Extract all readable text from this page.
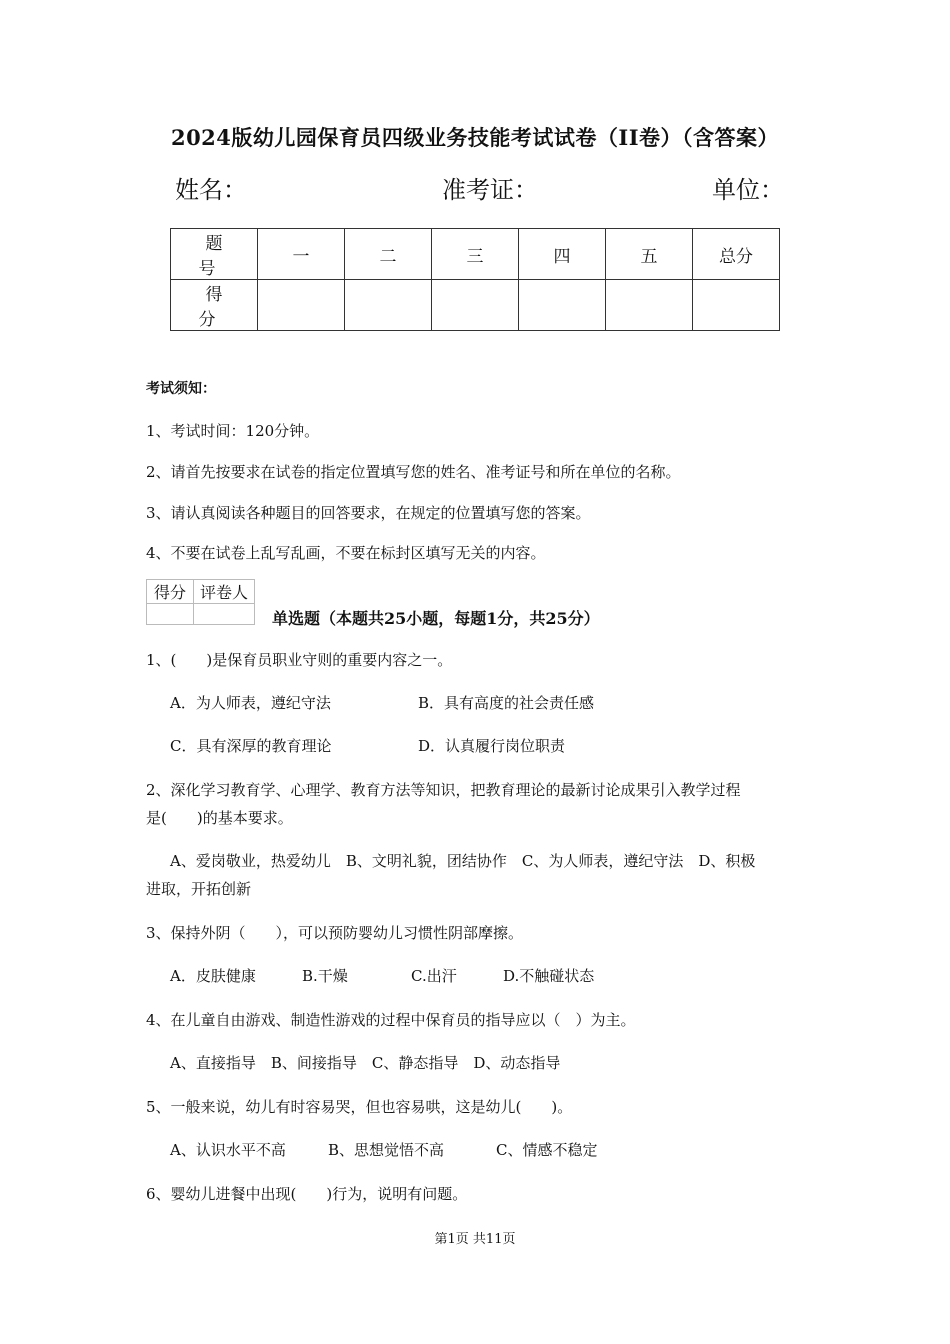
2024版幼儿园保育员四级业务技能考试试卷（II卷）（含答案）
姓名：	准考证：	单位：
题 号	一	二	三	四	五	总分
得 分						
考试须知：
1、考试时间：120分钟。
2、请首先按要求在试卷的指定位置填写您的姓名、准考证号和所在单位的名称。
3、请认真阅读各种题目的回答要求，在规定的位置填写您的答案。
4、不要在试卷上乱写乱画，不要在标封区填写无关的内容。
得分	评卷人

单选题（本题共25小题，每题1分，共25分）
1、(　　)是保育员职业守则的重要内容之一。
A．为人师表，遵纪守法	B．具有高度的社会责任感
C．具有深厚的教育理论	D．认真履行岗位职责
2、深化学习教育学、心理学、教育方法等知识，把教育理论的最新讨论成果引入教学过程
是(　　)的基本要求。
A、爱岗敬业，热爱幼儿　B、文明礼貌，团结协作　C、为人师表，遵纪守法　D、积极
进取，开拓创新
3、保持外阴（　　），可以预防婴幼儿习惯性阴部摩擦。
A．皮肤健康	B.干燥	C.出汗	D.不触碰状态
4、在儿童自由游戏、制造性游戏的过程中保育员的指导应以（　）为主。
A、直接指导　B、间接指导　C、静态指导　D、动态指导
5、一般来说，幼儿有时容易哭，但也容易哄，这是幼儿(　　)。
A、认识水平不高	B、思想觉悟不高	C、情感不稳定
6、婴幼儿进餐中出现(　　)行为，说明有问题。
第1页 共11页
